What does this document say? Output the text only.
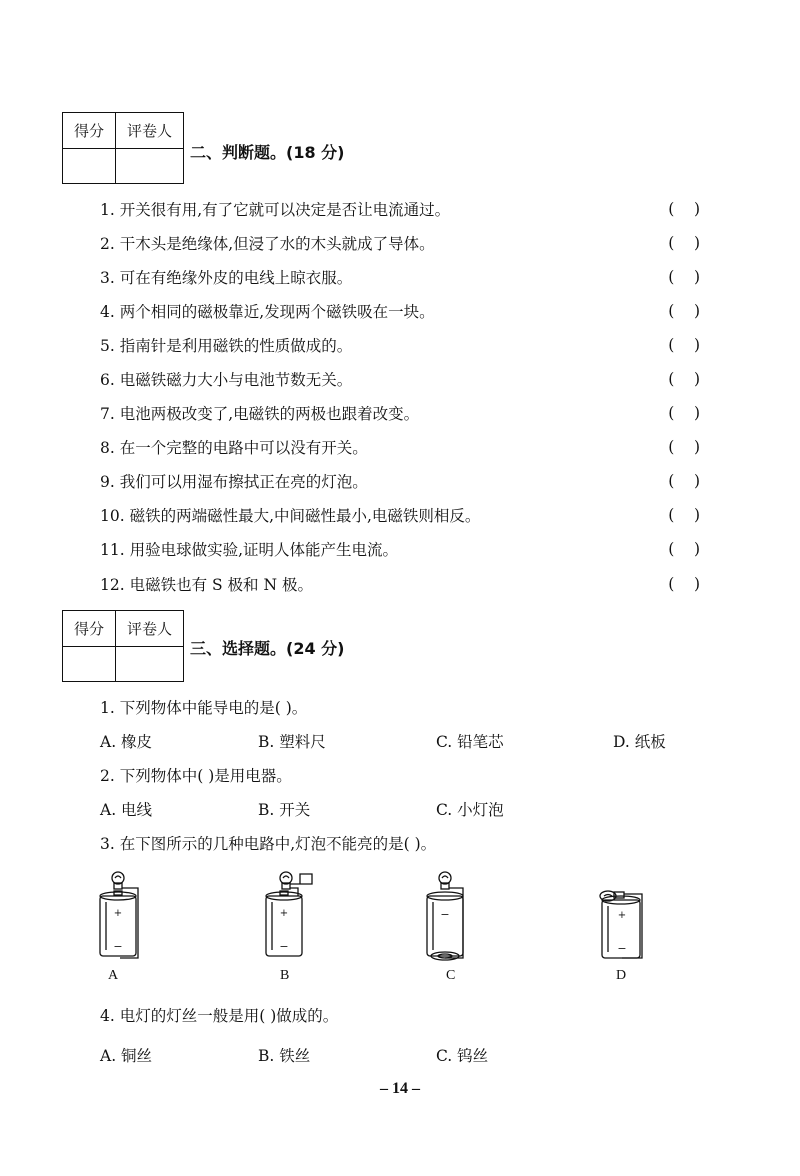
得分	评卷人
二、判断题。(18 分)
1. 开关很有用,有了它就可以决定是否让电流通过。	(    )
2. 干木头是绝缘体,但浸了水的木头就成了导体。	(    )
3. 可在有绝缘外皮的电线上晾衣服。	(    )
4. 两个相同的磁极靠近,发现两个磁铁吸在一块。	(    )
5. 指南针是利用磁铁的性质做成的。	(    )
6. 电磁铁磁力大小与电池节数无关。	(    )
7. 电池两极改变了,电磁铁的两极也跟着改变。	(    )
8. 在一个完整的电路中可以没有开关。	(    )
9. 我们可以用湿布擦拭正在亮的灯泡。	(    )
10. 磁铁的两端磁性最大,中间磁性最小,电磁铁则相反。	(    )
11. 用验电球做实验,证明人体能产生电流。	(    )
12. 电磁铁也有 S 极和 N 极。	(    )
得分	评卷人
三、选择题。(24 分)
1. 下列物体中能导电的是( )。
A. 橡皮	B. 塑料尺	C. 铅笔芯	D. 纸板
2. 下列物体中( )是用电器。
A. 电线	B. 开关	C. 小灯泡
3. 在下图所示的几种电路中,灯泡不能亮的是( )。
+
−
+
−
−	+
−
A	B	C	D
4. 电灯的灯丝一般是用( )做成的。
A. 铜丝	B. 铁丝	C. 钨丝
– 14 –
